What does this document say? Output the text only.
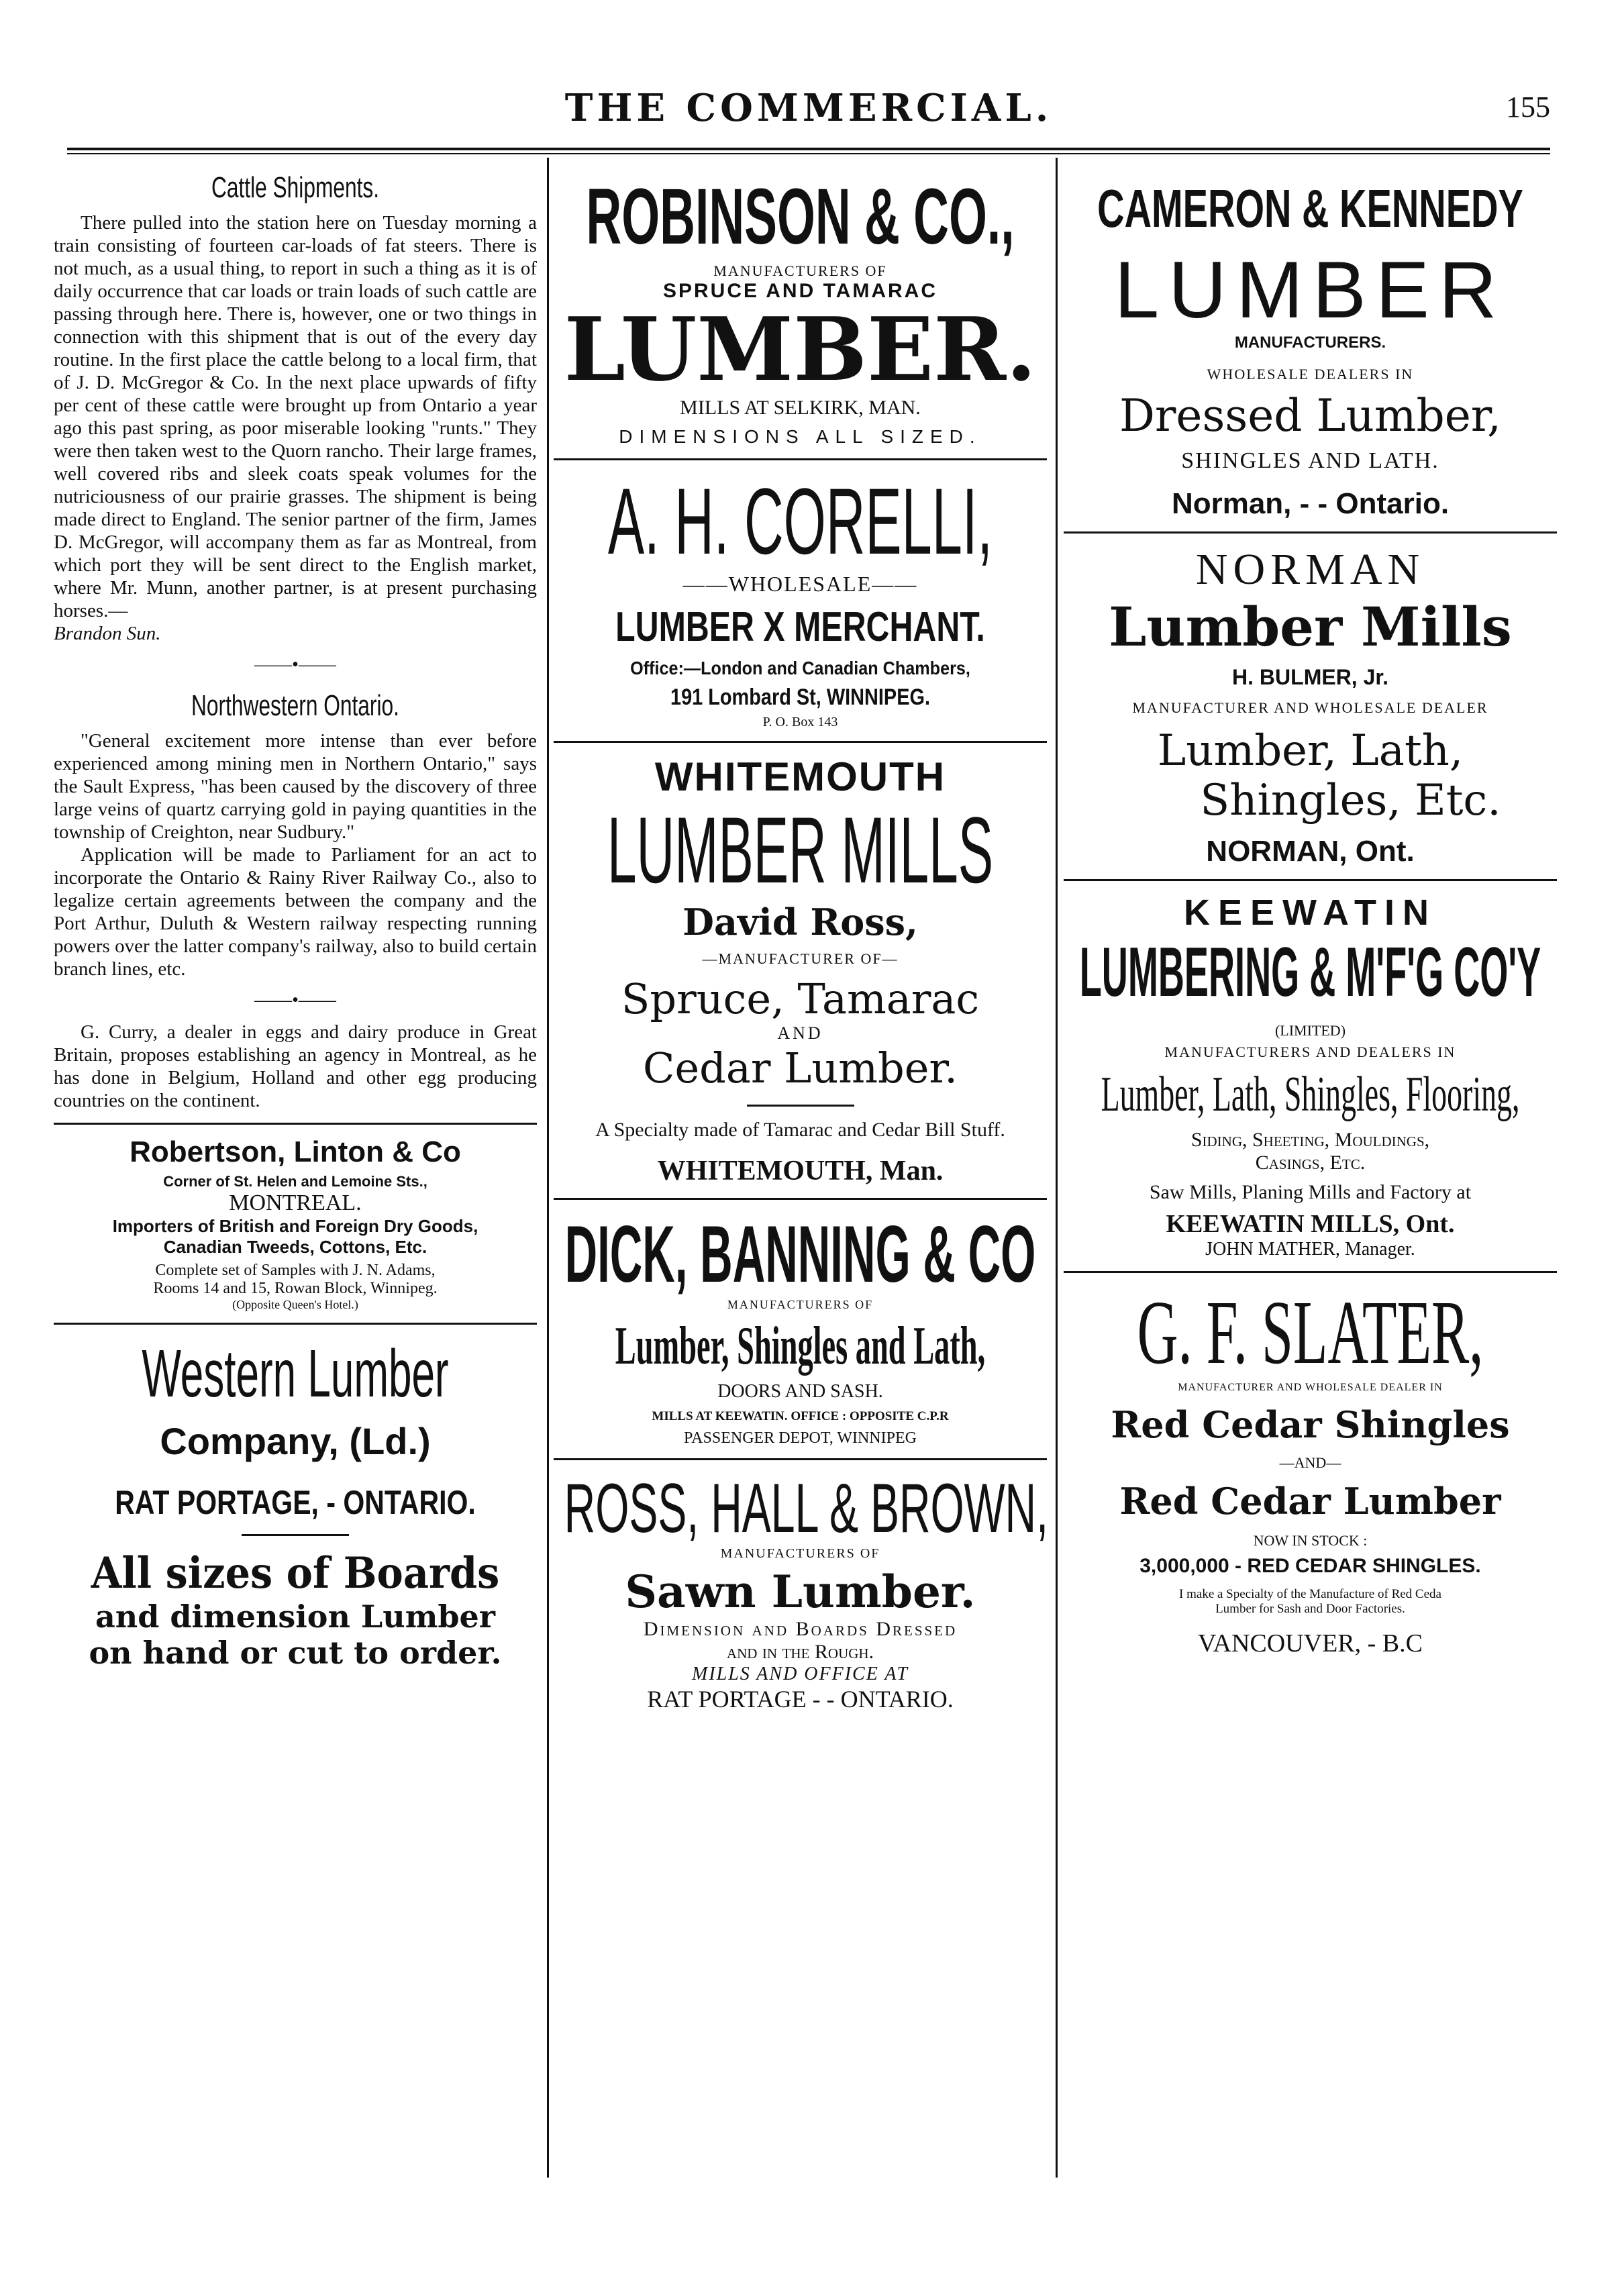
THE COMMERCIAL.	155
Cattle Shipments.

There pulled into the station here on Tuesday morning a train consisting of fourteen car-loads of fat steers. There is not much, as a usual thing, to report in such a thing as it is of daily occurrence that car loads or train loads of such cattle are passing through here. There is, however, one or two things in connection with this shipment that is out of the every day routine. In the first place the cattle belong to a local firm, that of J. D. McGregor & Co. In the next place upwards of fifty per cent of these cattle were brought up from Ontario a year ago this past spring, as poor miserable looking "runts." They were then taken west to the Quorn rancho. Their large frames, well covered ribs and sleek coats speak volumes for the nutriciousness of our prairie grasses. The shipment is being made direct to England. The senior partner of the firm, James D. McGregor, will accompany them as far as Montreal, from which port they will be sent direct to the English market, where Mr. Munn, another partner, is at present purchasing horses.—

Brandon Sun.

——•——
Northwestern Ontario.

"General excitement more intense than ever before experienced among mining men in Northern Ontario," says the Sault Express, "has been caused by the discovery of three large veins of quartz carrying gold in paying quantities in the township of Creighton, near Sudbury."

Application will be made to Parliament for an act to incorporate the Ontario & Rainy River Railway Co., also to legalize certain agreements between the company and the Port Arthur, Duluth & Western railway respecting running powers over the latter company's railway, also to build certain branch lines, etc.

——•——

G. Curry, a dealer in eggs and dairy produce in Great Britain, proposes establishing an agency in Montreal, as he has done in Belgium, Holland and other egg producing countries on the continent.

Robertson, Linton & Co
Corner of St. Helen and Lemoine Sts.,
MONTREAL.
Importers of British and Foreign Dry Goods,
Canadian Tweeds, Cottons, Etc.
Complete set of Samples with J. N. Adams,
Rooms 14 and 15, Rowan Block, Winnipeg.
(Opposite Queen's Hotel.)
Western Lumber
Company, (Ld.)
RAT PORTAGE, - ONTARIO.
All sizes of Boards
and dimension Lumber
on hand or cut to order.
ROBINSON & CO.,
MANUFACTURERS OF
SPRUCE AND TAMARAC
LUMBER.
MILLS AT SELKIRK, MAN.
DIMENSIONS ALL SIZED.
A. H. CORELLI,
——WHOLESALE——
LUMBER X MERCHANT.
Office:—London and Canadian Chambers,
191 Lombard St, WINNIPEG.
P. O. Box 143
WHITEMOUTH
LUMBER MILLS
David Ross,
—MANUFACTURER OF—
Spruce, Tamarac
AND
Cedar Lumber.
A Specialty made of Tamarac and Cedar Bill Stuff.
WHITEMOUTH, Man.
DICK, BANNING & CO
MANUFACTURERS OF
Lumber, Shingles and Lath,
DOORS AND SASH.
MILLS AT KEEWATIN. OFFICE : OPPOSITE C.P.R
PASSENGER DEPOT, WINNIPEG
ROSS, HALL & BROWN,
MANUFACTURERS OF
Sawn Lumber.
Dimension and Boards Dressed
and in the Rough.
MILLS AND OFFICE AT
RAT PORTAGE - - ONTARIO.
CAMERON & KENNEDY
LUMBER
MANUFACTURERS.
WHOLESALE DEALERS IN
Dressed Lumber,
SHINGLES AND LATH.
Norman, - - Ontario.
NORMAN
Lumber Mills
H. BULMER, Jr.
MANUFACTURER AND WHOLESALE DEALER
Lumber, Lath,
Shingles, Etc.
NORMAN, Ont.
KEEWATIN
LUMBERING & M'F'G CO'Y
(LIMITED)
MANUFACTURERS AND DEALERS IN
Lumber, Lath, Shingles, Flooring,
Siding, Sheeting, Mouldings,
Casings, Etc.
Saw Mills, Planing Mills and Factory at
KEEWATIN MILLS, Ont.
JOHN MATHER, Manager.
G. F. SLATER,
MANUFACTURER AND WHOLESALE DEALER IN
Red Cedar Shingles
—AND—
Red Cedar Lumber
NOW IN STOCK :
3,000,000 - RED CEDAR SHINGLES.
I make a Specialty of the Manufacture of Red Ceda
Lumber for Sash and Door Factories.
VANCOUVER, - B.C
